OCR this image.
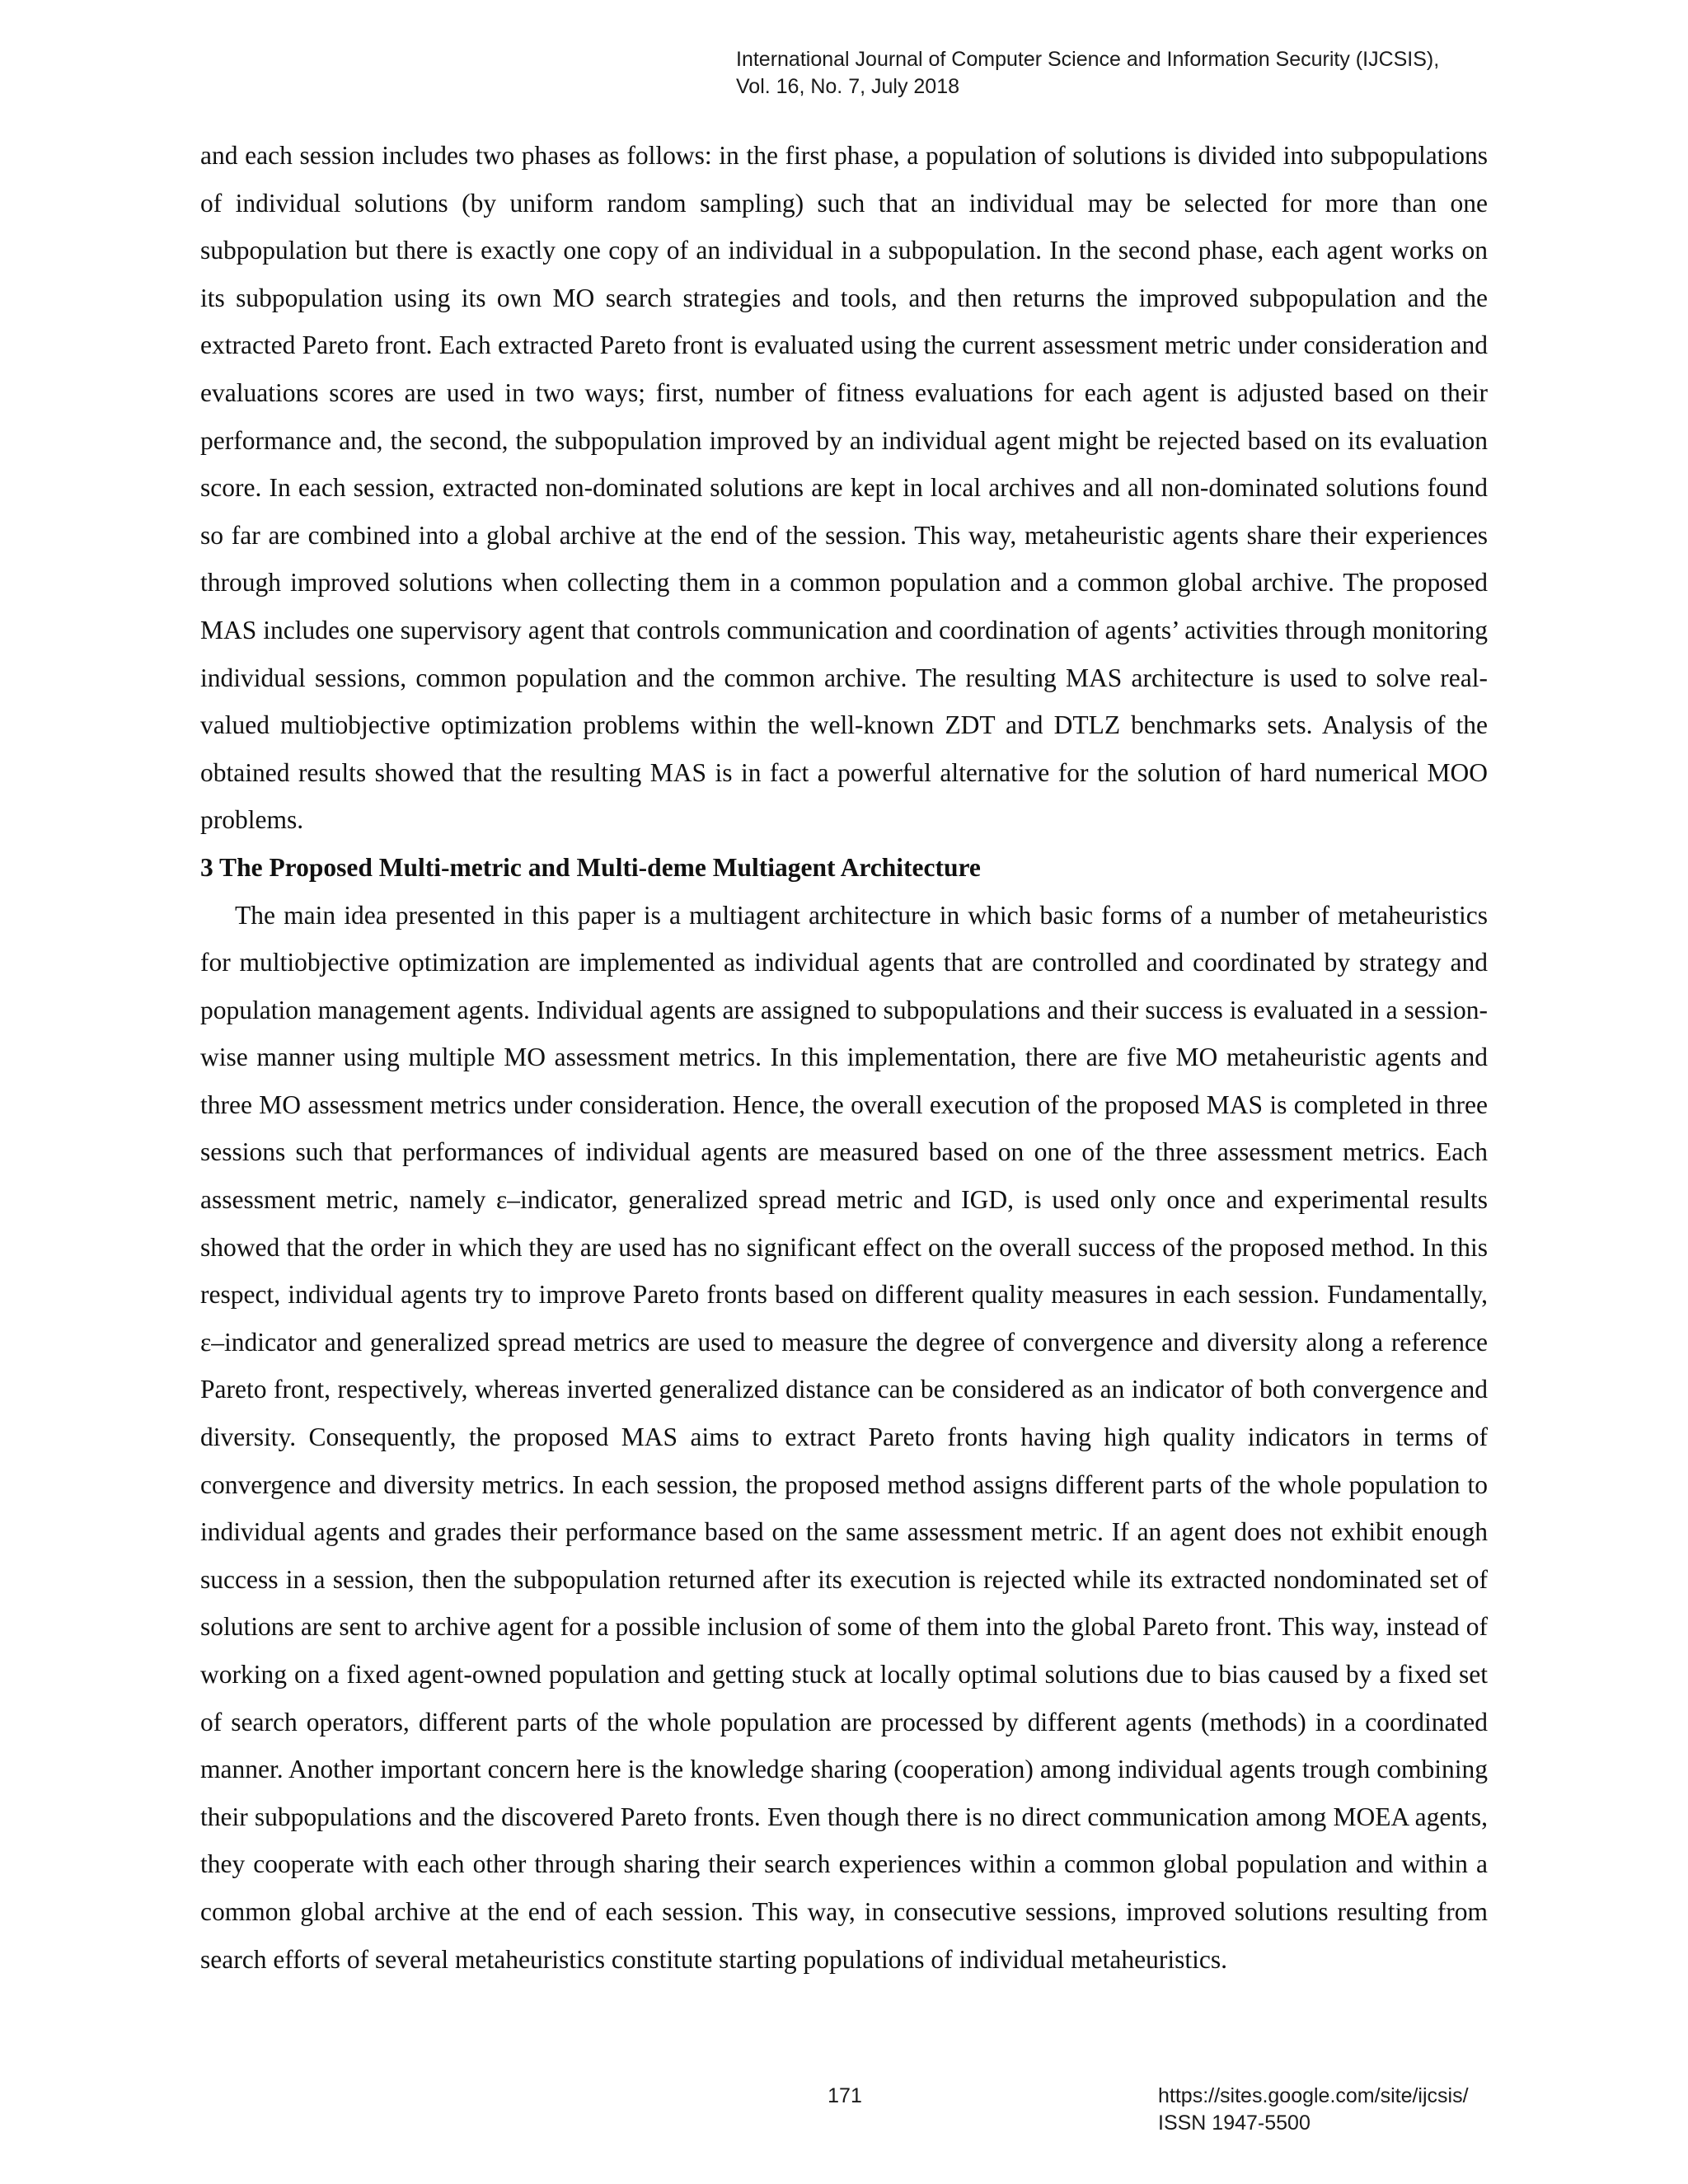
International Journal of Computer Science and Information Security (IJCSIS),
Vol. 16, No. 7, July 2018

and each session includes two phases as follows: in the first phase, a population of solutions is divided into subpopulations of individual solutions (by uniform random sampling) such that an individual may be selected for more than one subpopulation but there is exactly one copy of an individual in a subpopulation. In the second phase, each agent works on its subpopulation using its own MO search strategies and tools, and then returns the improved subpopulation and the extracted Pareto front. Each extracted Pareto front is evaluated using the current assessment metric under consideration and evaluations scores are used in two ways; first, number of fitness evaluations for each agent is adjusted based on their performance and, the second, the subpopulation improved by an individual agent might be rejected based on its evaluation score. In each session, extracted non-dominated solutions are kept in local archives and all non-dominated solutions found so far are combined into a global archive at the end of the session. This way, metaheuristic agents share their experiences through improved solutions when collecting them in a common population and a common global archive. The proposed MAS includes one supervisory agent that controls communication and coordination of agents’ activities through monitoring individual sessions, common population and the common archive. The resulting MAS architecture is used to solve real-valued multiobjective optimization problems within the well-known ZDT and DTLZ benchmarks sets. Analysis of the obtained results showed that the resulting MAS is in fact a powerful alternative for the solution of hard numerical MOO problems.

3 The Proposed Multi-metric and Multi-deme Multiagent Architecture

The main idea presented in this paper is a multiagent architecture in which basic forms of a number of metaheuristics for multiobjective optimization are implemented as individual agents that are controlled and coordinated by strategy and population management agents. Individual agents are assigned to subpopulations and their success is evaluated in a session-wise manner using multiple MO assessment metrics. In this implementation, there are five MO metaheuristic agents and three MO assessment metrics under consideration. Hence, the overall execution of the proposed MAS is completed in three sessions such that performances of individual agents are measured based on one of the three assessment metrics. Each assessment metric, namely ε–indicator, generalized spread metric and IGD, is used only once and experimental results showed that the order in which they are used has no significant effect on the overall success of the proposed method. In this respect, individual agents try to improve Pareto fronts based on different quality measures in each session. Fundamentally, ε–indicator and generalized spread metrics are used to measure the degree of convergence and diversity along a reference Pareto front, respectively, whereas inverted generalized distance can be considered as an indicator of both convergence and diversity. Consequently, the proposed MAS aims to extract Pareto fronts having high quality indicators in terms of convergence and diversity metrics. In each session, the proposed method assigns different parts of the whole population to individual agents and grades their performance based on the same assessment metric. If an agent does not exhibit enough success in a session, then the subpopulation returned after its execution is rejected while its extracted nondominated set of solutions are sent to archive agent for a possible inclusion of some of them into the global Pareto front. This way, instead of working on a fixed agent-owned population and getting stuck at locally optimal solutions due to bias caused by a fixed set of search operators, different parts of the whole population are processed by different agents (methods) in a coordinated manner. Another important concern here is the knowledge sharing (cooperation) among individual agents trough combining their subpopulations and the discovered Pareto fronts. Even though there is no direct communication among MOEA agents, they cooperate with each other through sharing their search experiences within a common global population and within a common global archive at the end of each session. This way, in consecutive sessions, improved solutions resulting from search efforts of several metaheuristics constitute starting populations of individual metaheuristics.

171	https://sites.google.com/site/ijcsis/
ISSN 1947-5500
